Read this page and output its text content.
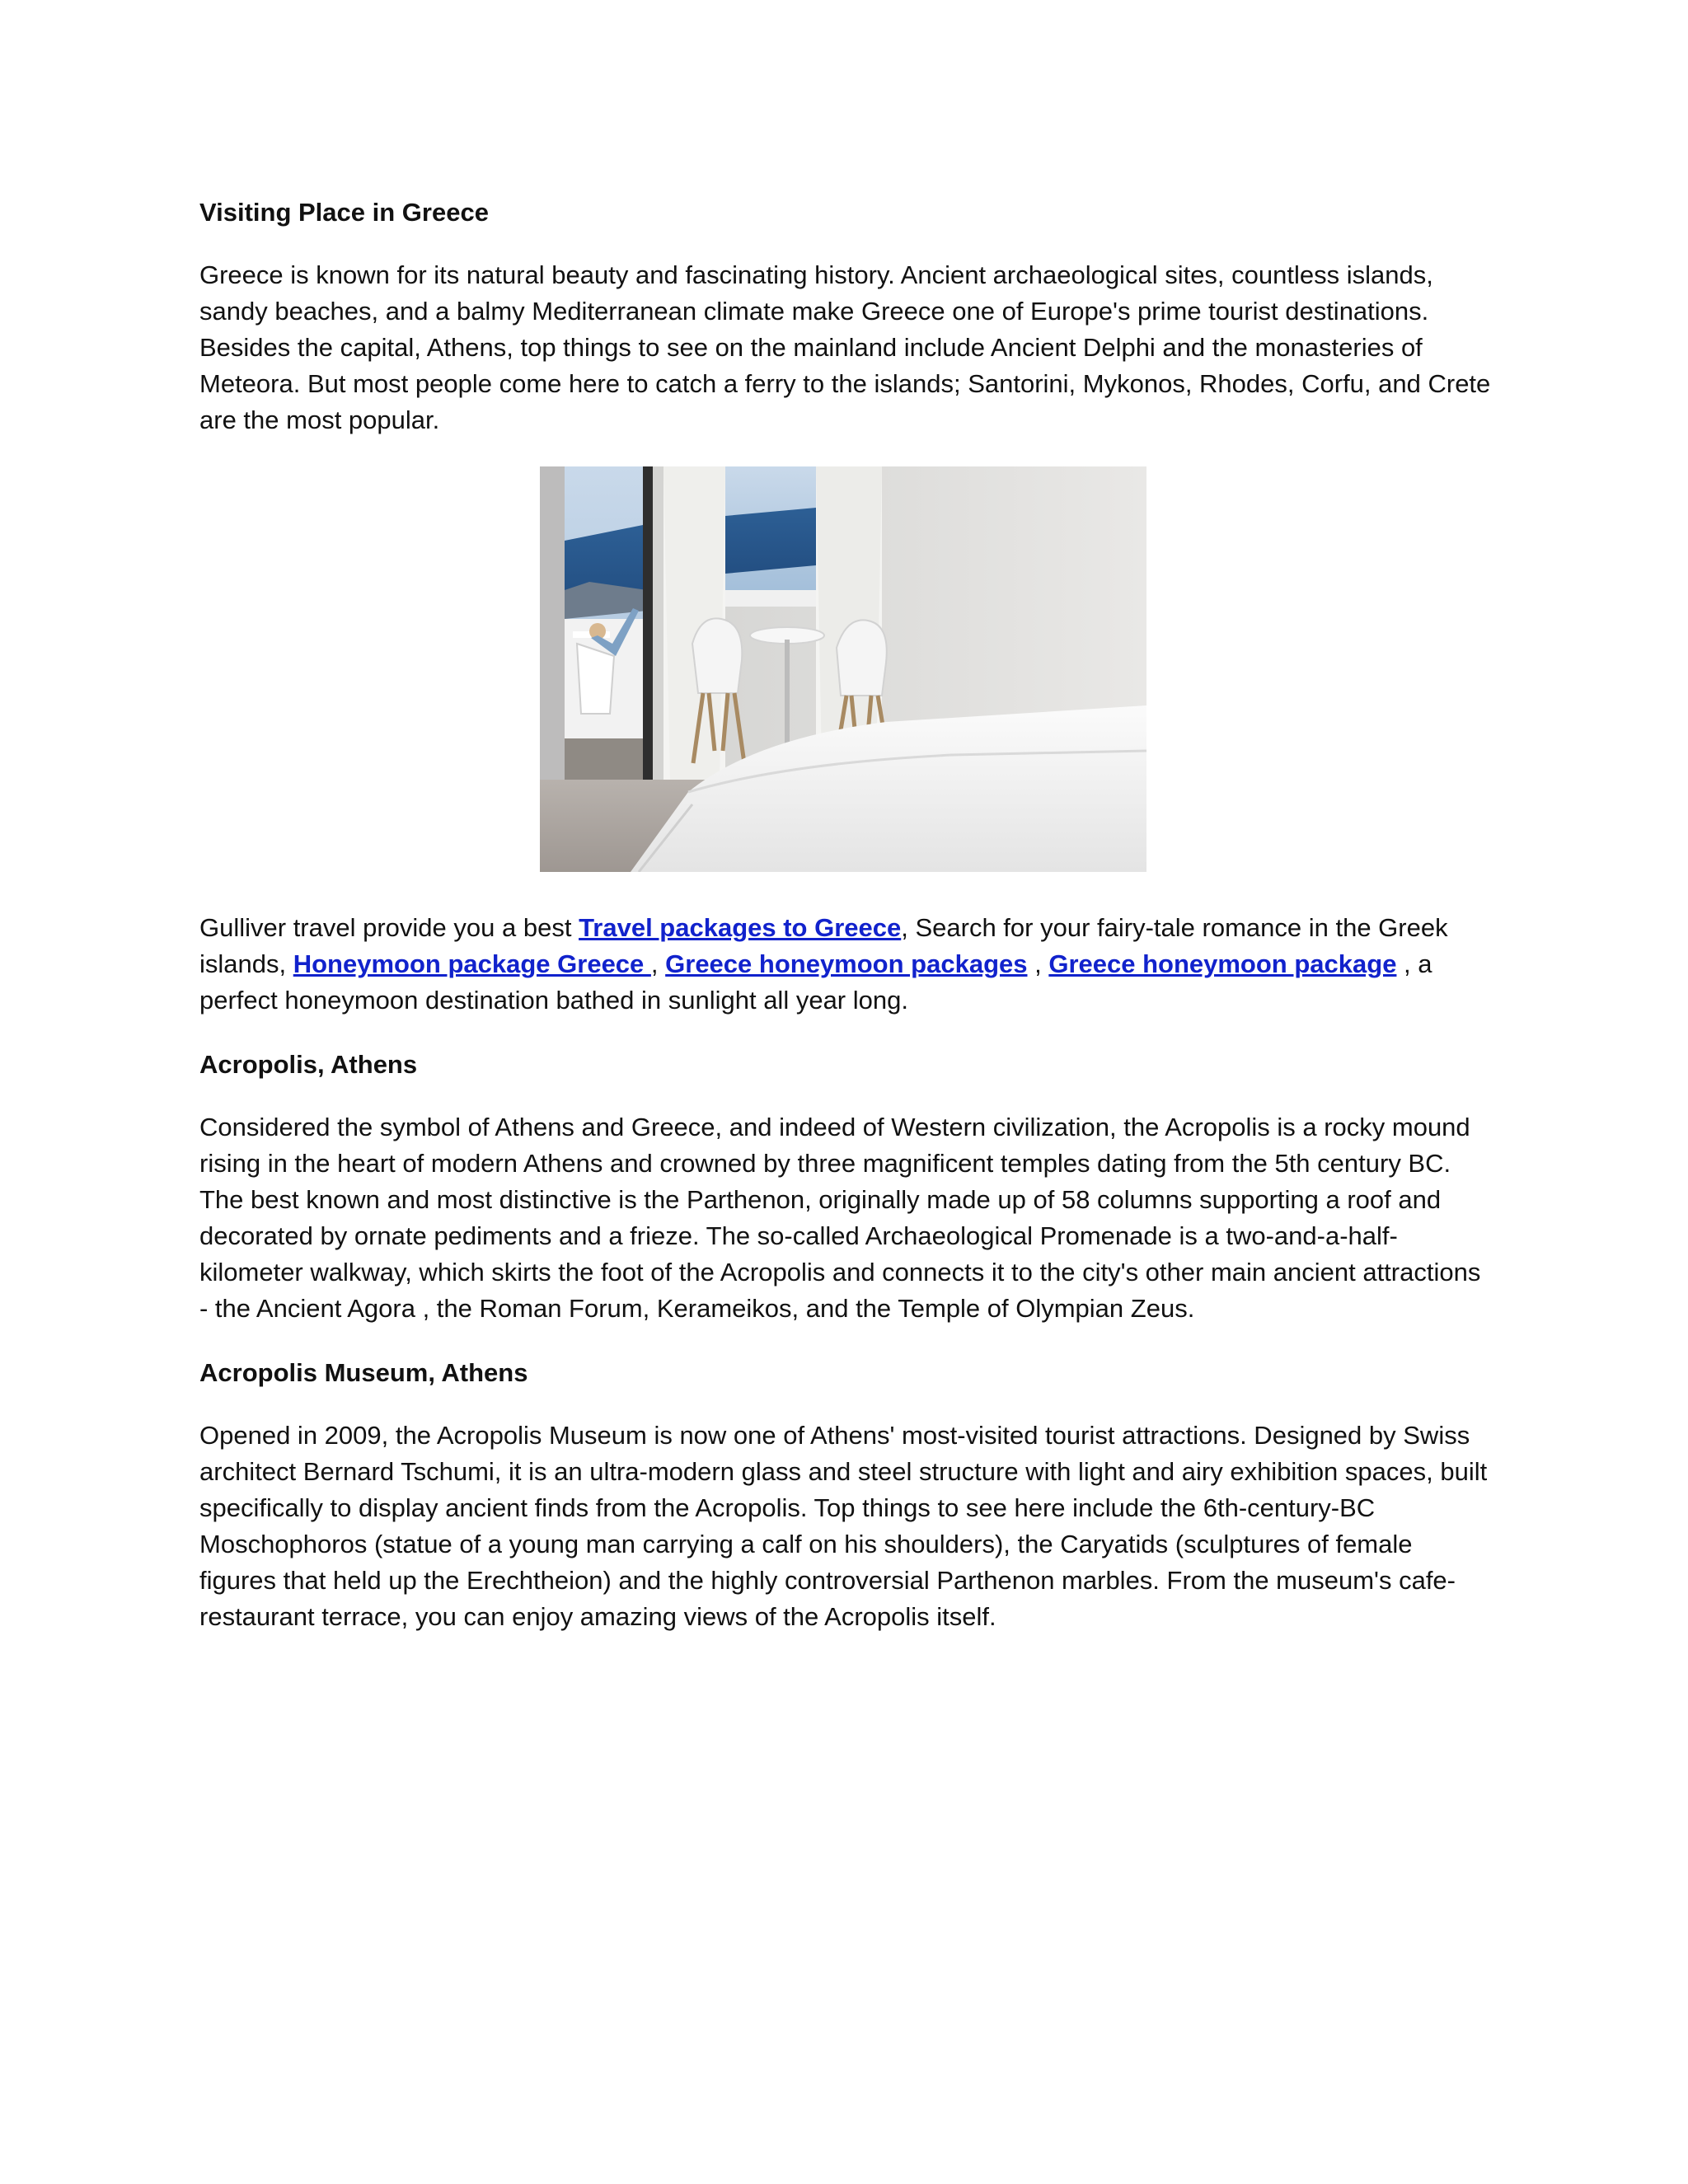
Visiting Place in Greece

Greece is known for its natural beauty and fascinating history. Ancient archaeological sites, countless islands, sandy beaches, and a balmy Mediterranean climate make Greece one of Europe's prime tourist destinations. Besides the capital, Athens, top things to see on the mainland include Ancient Delphi and the monasteries of Meteora. But most people come here to catch a ferry to the islands; Santorini, Mykonos, Rhodes, Corfu, and Crete are the most popular.

Gulliver travel provide you a best Travel packages to Greece, Search for your fairy-tale romance in the Greek islands, Honeymoon package Greece , Greece honeymoon packages , Greece honeymoon package , a perfect honeymoon destination bathed in sunlight all year long.

Acropolis, Athens

Considered the symbol of Athens and Greece, and indeed of Western civilization, the Acropolis is a rocky mound rising in the heart of modern Athens and crowned by three magnificent temples dating from the 5th century BC. The best known and most distinctive is the Parthenon, originally made up of 58 columns supporting a roof and decorated by ornate pediments and a frieze. The so-called Archaeological Promenade is a two-and-a-half-kilometer walkway, which skirts the foot of the Acropolis and connects it to the city's other main ancient attractions - the Ancient Agora , the Roman Forum, Kerameikos, and the Temple of Olympian Zeus.

Acropolis Museum, Athens

Opened in 2009, the Acropolis Museum is now one of Athens' most-visited tourist attractions. Designed by Swiss architect Bernard Tschumi, it is an ultra-modern glass and steel structure with light and airy exhibition spaces, built specifically to display ancient finds from the Acropolis. Top things to see here include the 6th-century-BC Moschophoros (statue of a young man carrying a calf on his shoulders), the Caryatids (sculptures of female figures that held up the Erechtheion) and the highly controversial Parthenon marbles. From the museum's cafe-restaurant terrace, you can enjoy amazing views of the Acropolis itself.
